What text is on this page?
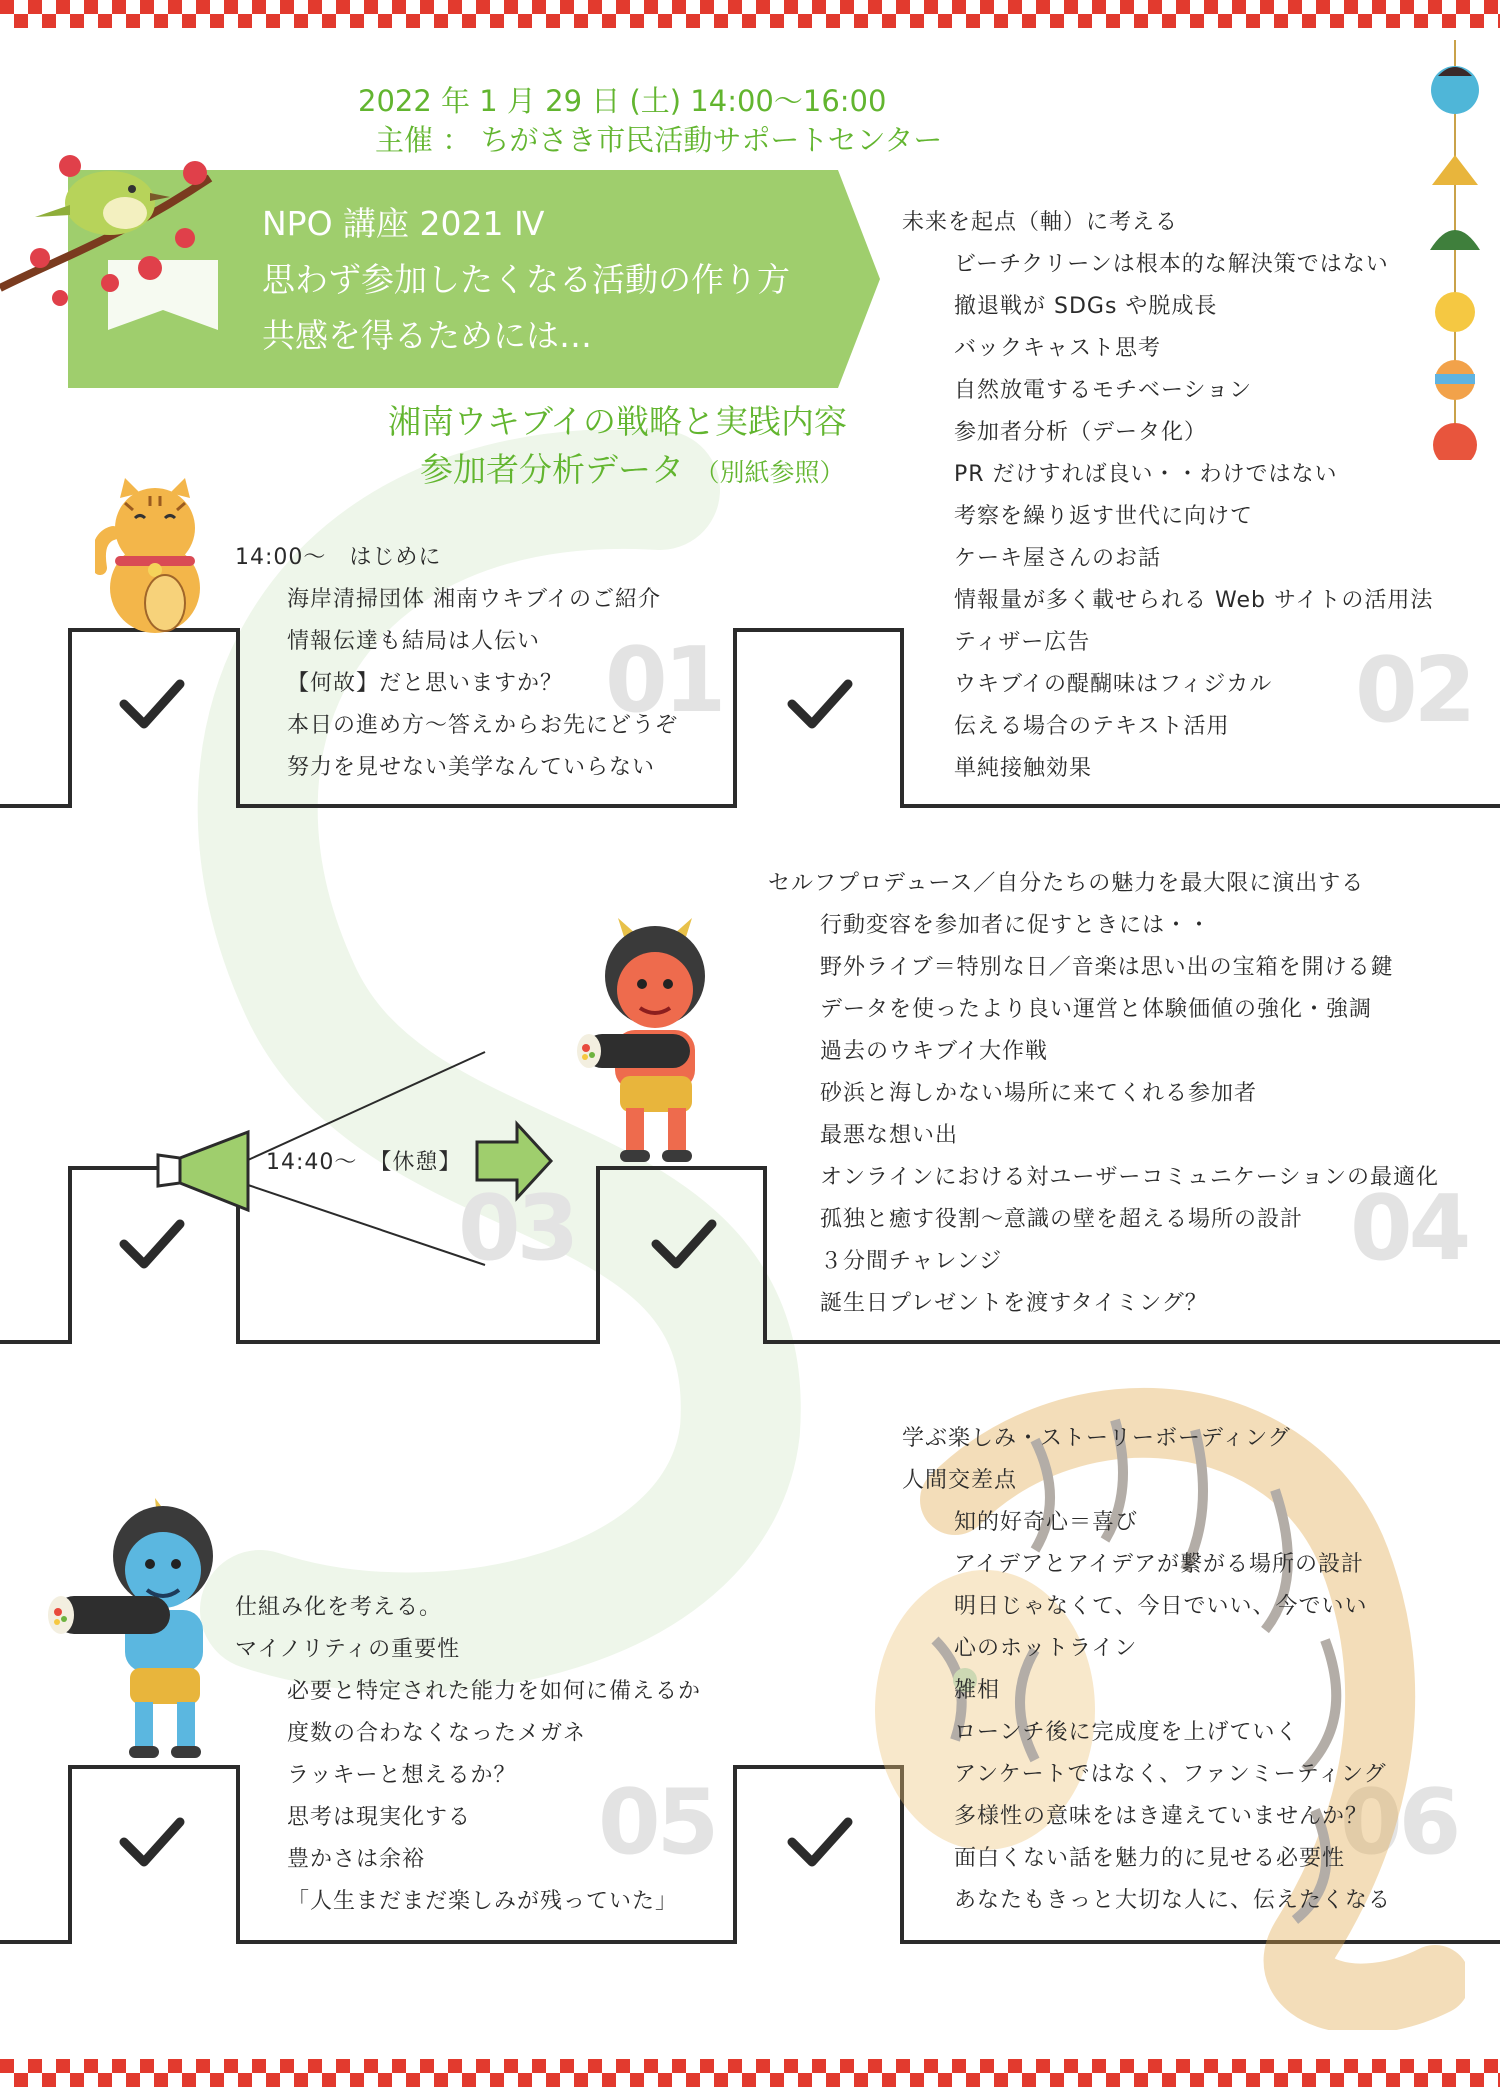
2022 年 1 月 29 日 (土) 14:00～16:00
主催 ： ちがさき市民活動サポートセンター
NPO 講座 2021 Ⅳ
思わず参加したくなる活動の作り方
共感を得るためには…
湘南ウキブイの戦略と実践内容
参加者分析データ （別紙参照）
01	02
03	04
05	06
14:00～　はじめに
海岸清掃団体 湘南ウキブイのご紹介
情報伝達も結局は人伝い
【何故】だと思いますか？
本日の進め方～答えからお先にどうぞ
努力を見せない美学なんていらない
未来を起点（軸）に考える
ビーチクリーンは根本的な解決策ではない
撤退戦が SDGs や脱成長
バックキャスト思考
自然放電するモチベーション
参加者分析（データ化）
PR だけすれば良い・・わけではない
考察を繰り返す世代に向けて
ケーキ屋さんのお話
情報量が多く載せられる Web サイトの活用法
ティザー広告
ウキブイの醍醐味はフィジカル
伝える場合のテキスト活用
単純接触効果
14:40～　【休憩】
セルフプロデュース／自分たちの魅力を最大限に演出する
行動変容を参加者に促すときには・・
野外ライブ＝特別な日／音楽は思い出の宝箱を開ける鍵
データを使ったより良い運営と体験価値の強化・強調
過去のウキブイ大作戦
砂浜と海しかない場所に来てくれる参加者
最悪な想い出
オンラインにおける対ユーザーコミュニケーションの最適化
孤独と癒す役割～意識の壁を超える場所の設計
３分間チャレンジ
誕生日プレゼントを渡すタイミング？
仕組み化を考える。
マイノリティの重要性
必要と特定された能力を如何に備えるか
度数の合わなくなったメガネ
ラッキーと想えるか？
思考は現実化する
豊かさは余裕
「人生まだまだ楽しみが残っていた」
学ぶ楽しみ・ストーリーボーディング
人間交差点
知的好奇心＝喜び
アイデアとアイデアが繋がる場所の設計
明日じゃなくて、今日でいい、今でいい
心のホットライン
雑相
ローンチ後に完成度を上げていく
アンケートではなく、ファンミーティング
多様性の意味をはき違えていませんか？
面白くない話を魅力的に見せる必要性
あなたもきっと大切な人に、伝えたくなる
